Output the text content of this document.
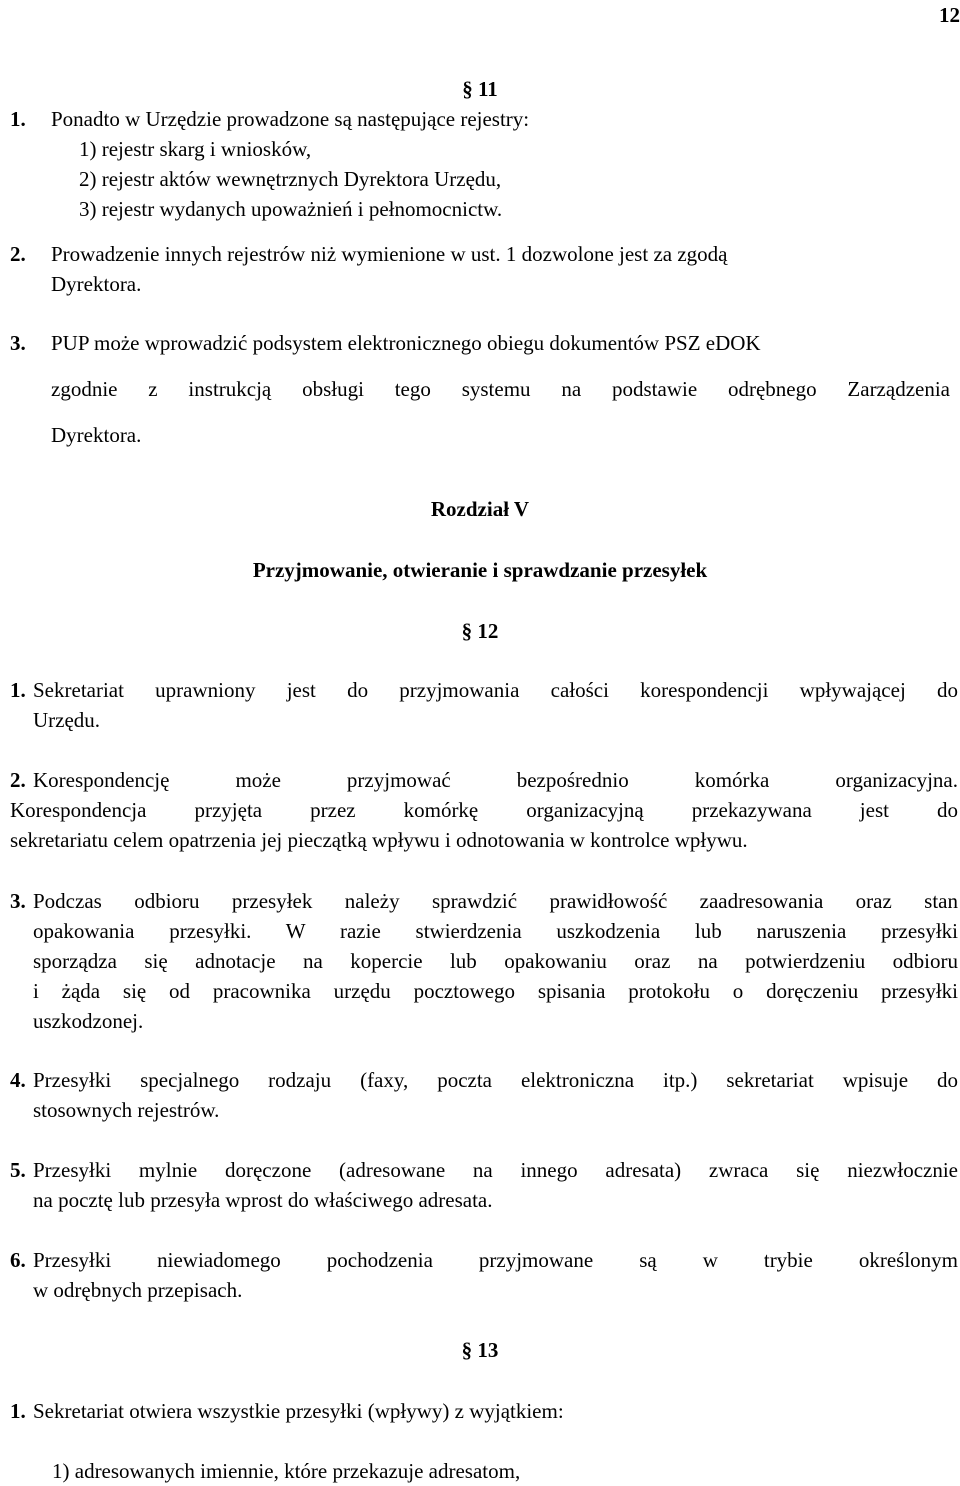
12
§ 11
1.	Ponadto w Urzędzie prowadzone są następujące rejestry:
1) rejestr skarg i wniosków,
2) rejestr aktów wewnętrznych Dyrektora Urzędu,
3) rejestr wydanych upoważnień i pełnomocnictw.
2.	Prowadzenie innych rejestrów niż wymienione w ust. 1 dozwolone jest za zgodą
Dyrektora.
3.	PUP może wprowadzić podsystem elektronicznego obiegu dokumentów PSZ eDOK
zgodnie z instrukcją obsługi tego systemu na podstawie odrębnego Zarządzenia
Dyrektora.
Rozdział V
Przyjmowanie, otwieranie i sprawdzanie przesyłek
§ 12
1. Sekretariat uprawniony jest do przyjmowania całości korespondencji wpływającej do
Urzędu.
2. Korespondencję może przyjmować bezpośrednio komórka organizacyjna.
Korespondencja przyjęta przez komórkę organizacyjną przekazywana jest do
sekretariatu celem opatrzenia jej pieczątką wpływu i odnotowania w kontrolce wpływu.
3. Podczas odbioru przesyłek należy sprawdzić prawidłowość zaadresowania oraz stan
opakowania przesyłki. W razie stwierdzenia uszkodzenia lub naruszenia przesyłki
sporządza się adnotacje na kopercie lub opakowaniu oraz na potwierdzeniu odbioru
i żąda się od pracownika urzędu pocztowego spisania protokołu o doręczeniu przesyłki
uszkodzonej.
4. Przesyłki specjalnego rodzaju (faxy, poczta elektroniczna itp.) sekretariat wpisuje do
stosownych rejestrów.
5. Przesyłki mylnie doręczone (adresowane na innego adresata) zwraca się niezwłocznie
na pocztę lub przesyła wprost do właściwego adresata.
6. Przesyłki niewiadomego pochodzenia przyjmowane są w trybie określonym
w odrębnych przepisach.
§ 13
1. Sekretariat otwiera wszystkie przesyłki (wpływy) z wyjątkiem:
1) adresowanych imiennie, które przekazuje adresatom,
